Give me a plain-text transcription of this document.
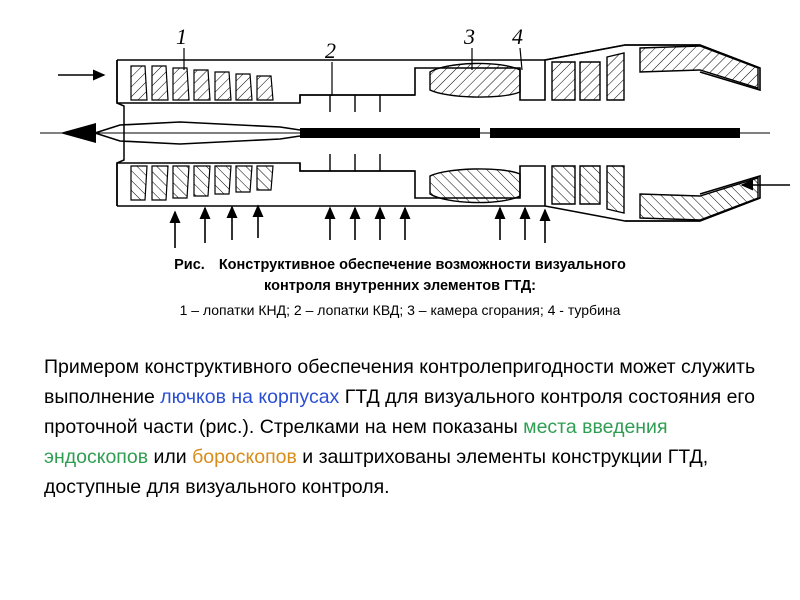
1
2
3 4
Рис. Конструктивное обеспечение возможности визуального
контроля внутренних элементов ГТД:
1 – лопатки КНД; 2 – лопатки КВД; 3 – камера сгорания; 4 - турбина
Примером конструктивного обеспечения контролепригодности может служить выполнение лючков на корпусах ГТД для визуального контроля состояния его проточной части (рис.). Стрелками на нем показаны места введения эндоскопов или бороскопов и заштрихованы элементы конструкции ГТД, доступные для визуального контроля.
